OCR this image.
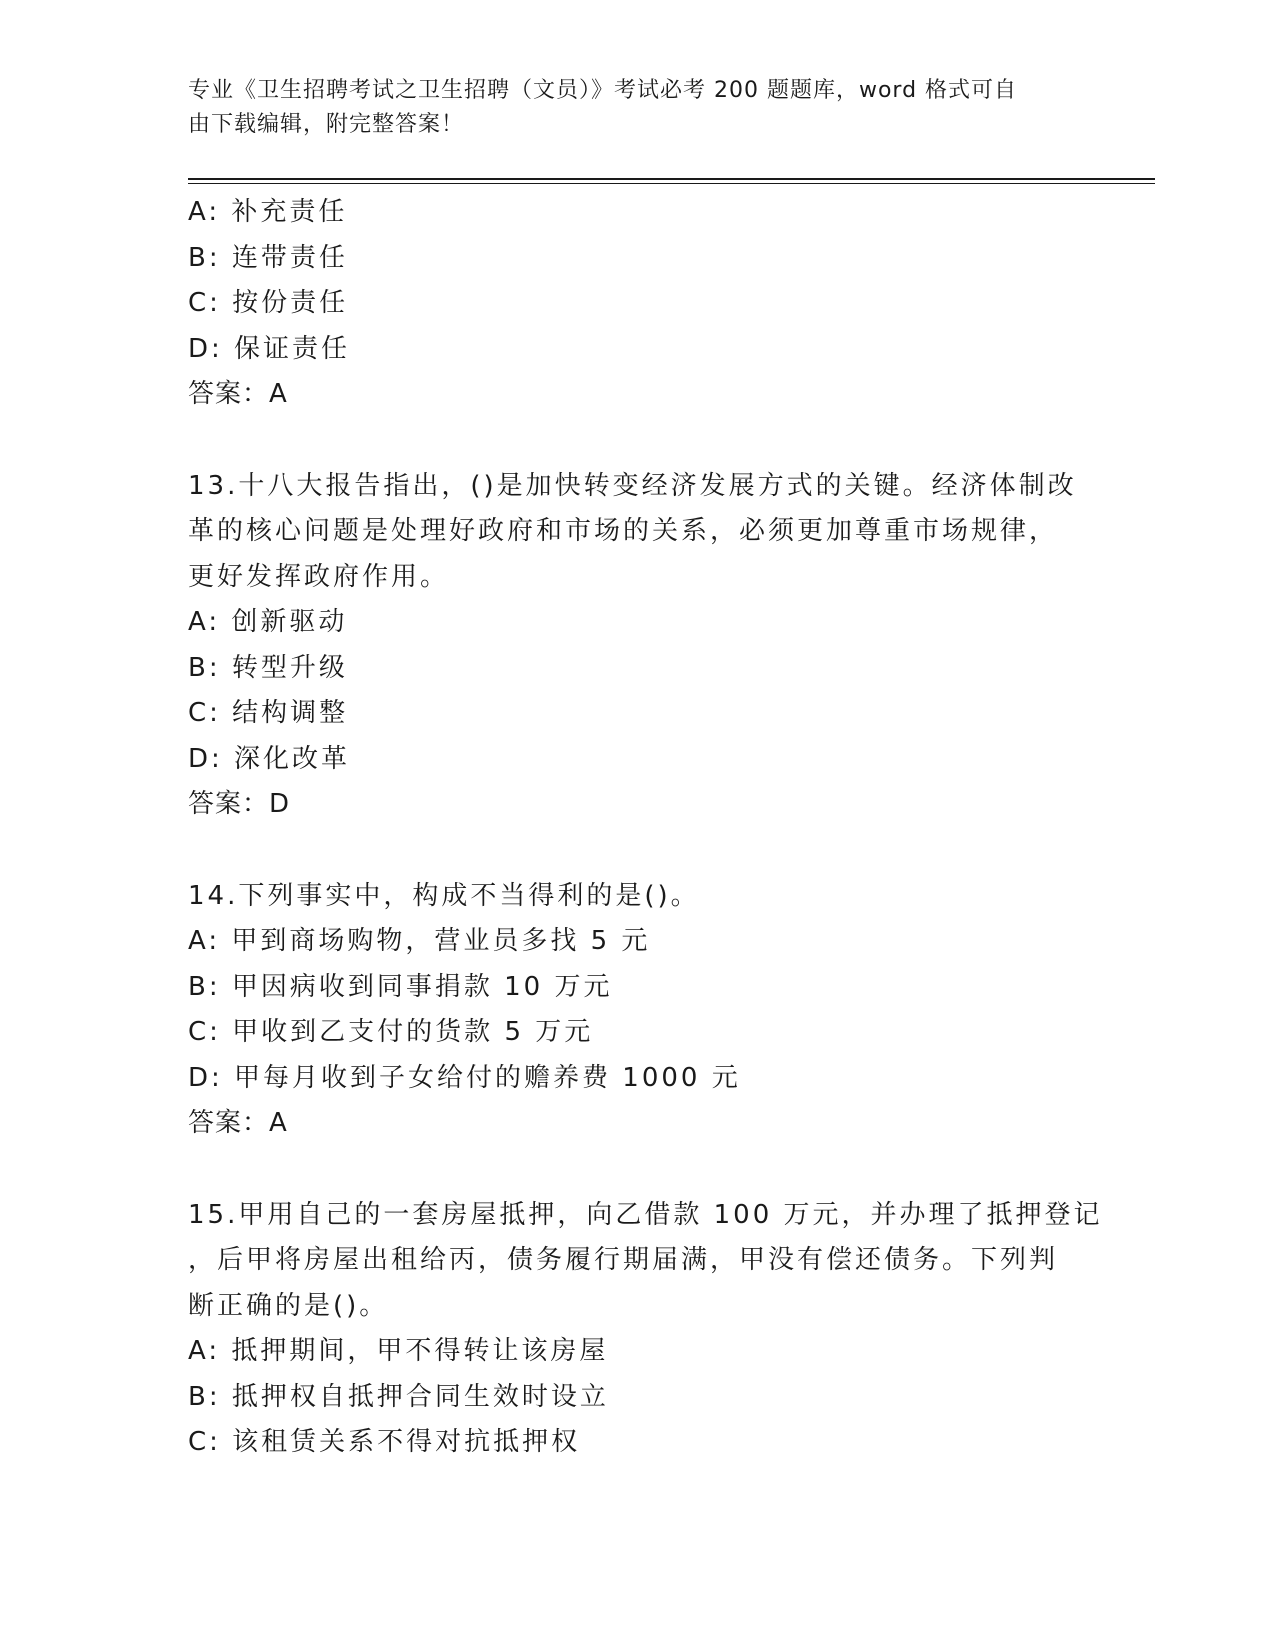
专业《卫生招聘考试之卫生招聘（文员）》考试必考 200 题题库，word 格式可自
由下载编辑，附完整答案！
A: 补充责任
B: 连带责任
C: 按份责任
D: 保证责任
答案：A
13.十八大报告指出，()是加快转变经济发展方式的关键。经济体制改
革的核心问题是处理好政府和市场的关系，必须更加尊重市场规律，
更好发挥政府作用。
A: 创新驱动
B: 转型升级
C: 结构调整
D: 深化改革
答案：D
14.下列事实中，构成不当得利的是()。
A: 甲到商场购物，营业员多找 5 元
B: 甲因病收到同事捐款 10 万元
C: 甲收到乙支付的货款 5 万元
D: 甲每月收到子女给付的赡养费 1000 元
答案：A
15.甲用自己的一套房屋抵押，向乙借款 100 万元，并办理了抵押登记
，后甲将房屋出租给丙，债务履行期届满，甲没有偿还债务。下列判
断正确的是()。
A: 抵押期间，甲不得转让该房屋
B: 抵押权自抵押合同生效时设立
C: 该租赁关系不得对抗抵押权
